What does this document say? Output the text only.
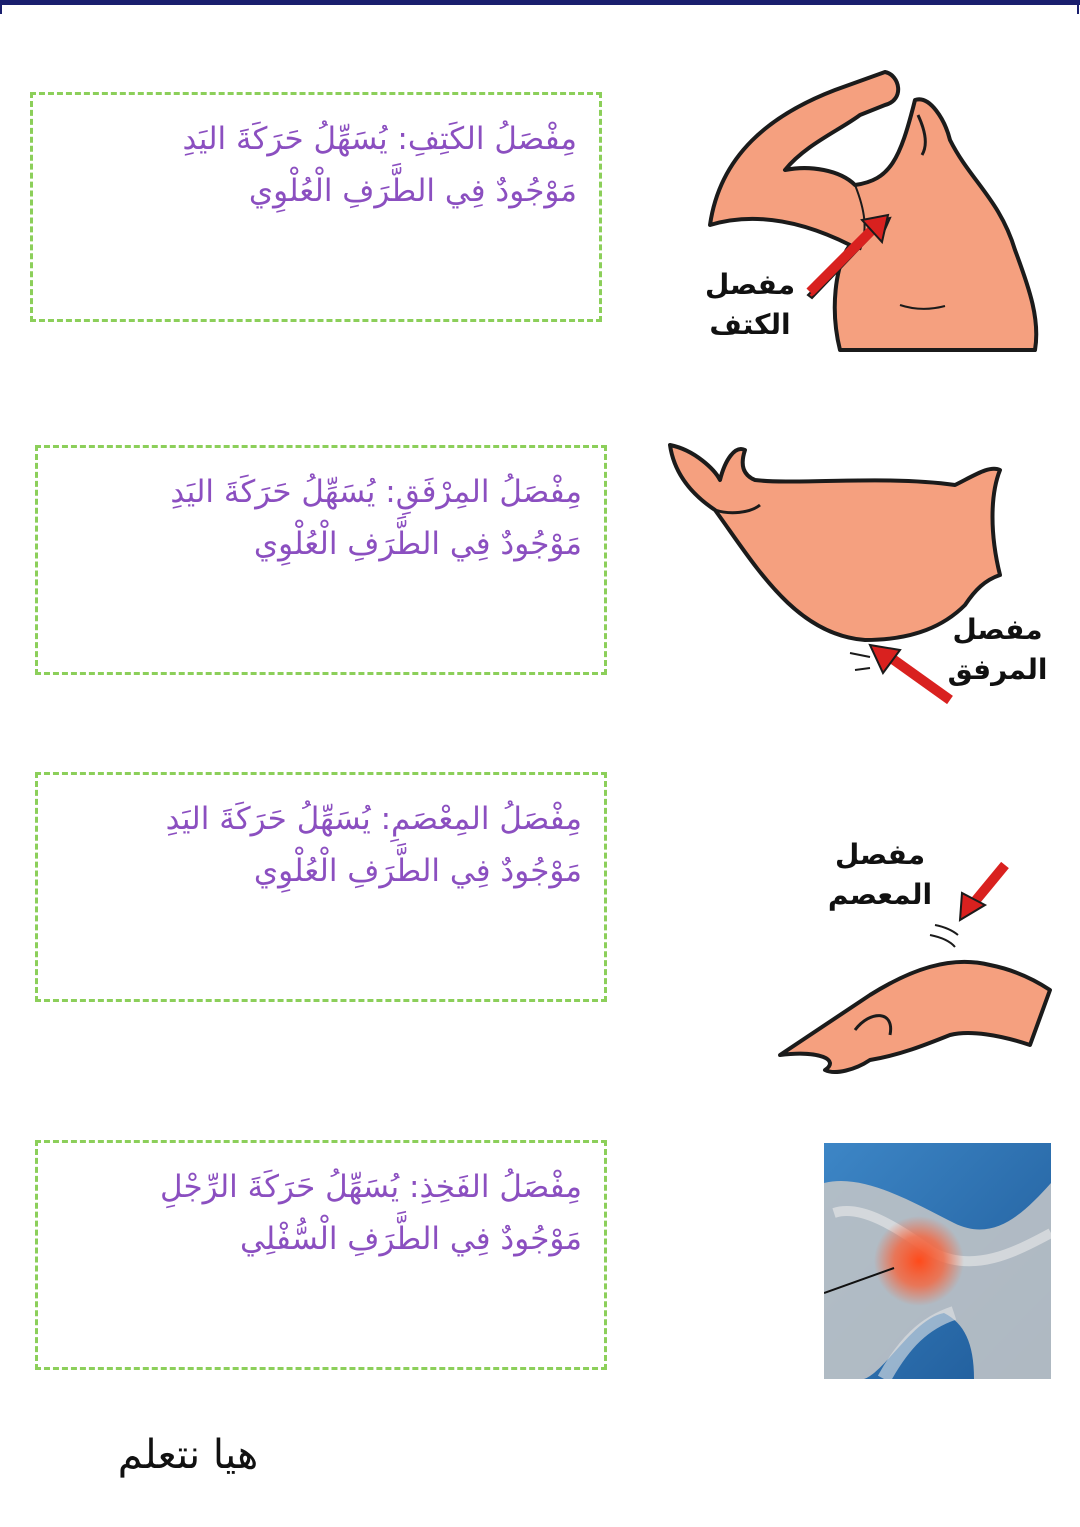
مِفْصَلُ الكَتِفِ: يُسَهِّلُ حَرَكَةَ اليَدِ
مَوْجُودٌ فِي الطَّرَفِ الْعُلْوِي
مِفْصَلُ المِرْفَقِ: يُسَهِّلُ حَرَكَةَ اليَدِ
مَوْجُودٌ فِي الطَّرَفِ الْعُلْوِي
مِفْصَلُ المِعْصَمِ: يُسَهِّلُ حَرَكَةَ اليَدِ
مَوْجُودٌ فِي الطَّرَفِ الْعُلْوِي
مِفْصَلُ الفَخِذِ: يُسَهِّلُ حَرَكَةَ الرِّجْلِ
مَوْجُودٌ فِي الطَّرَفِ الْسُّفْلِي
مفصل
الكتف
مفصل
المرفق
مفصل
المعصم
هيا نتعلم
